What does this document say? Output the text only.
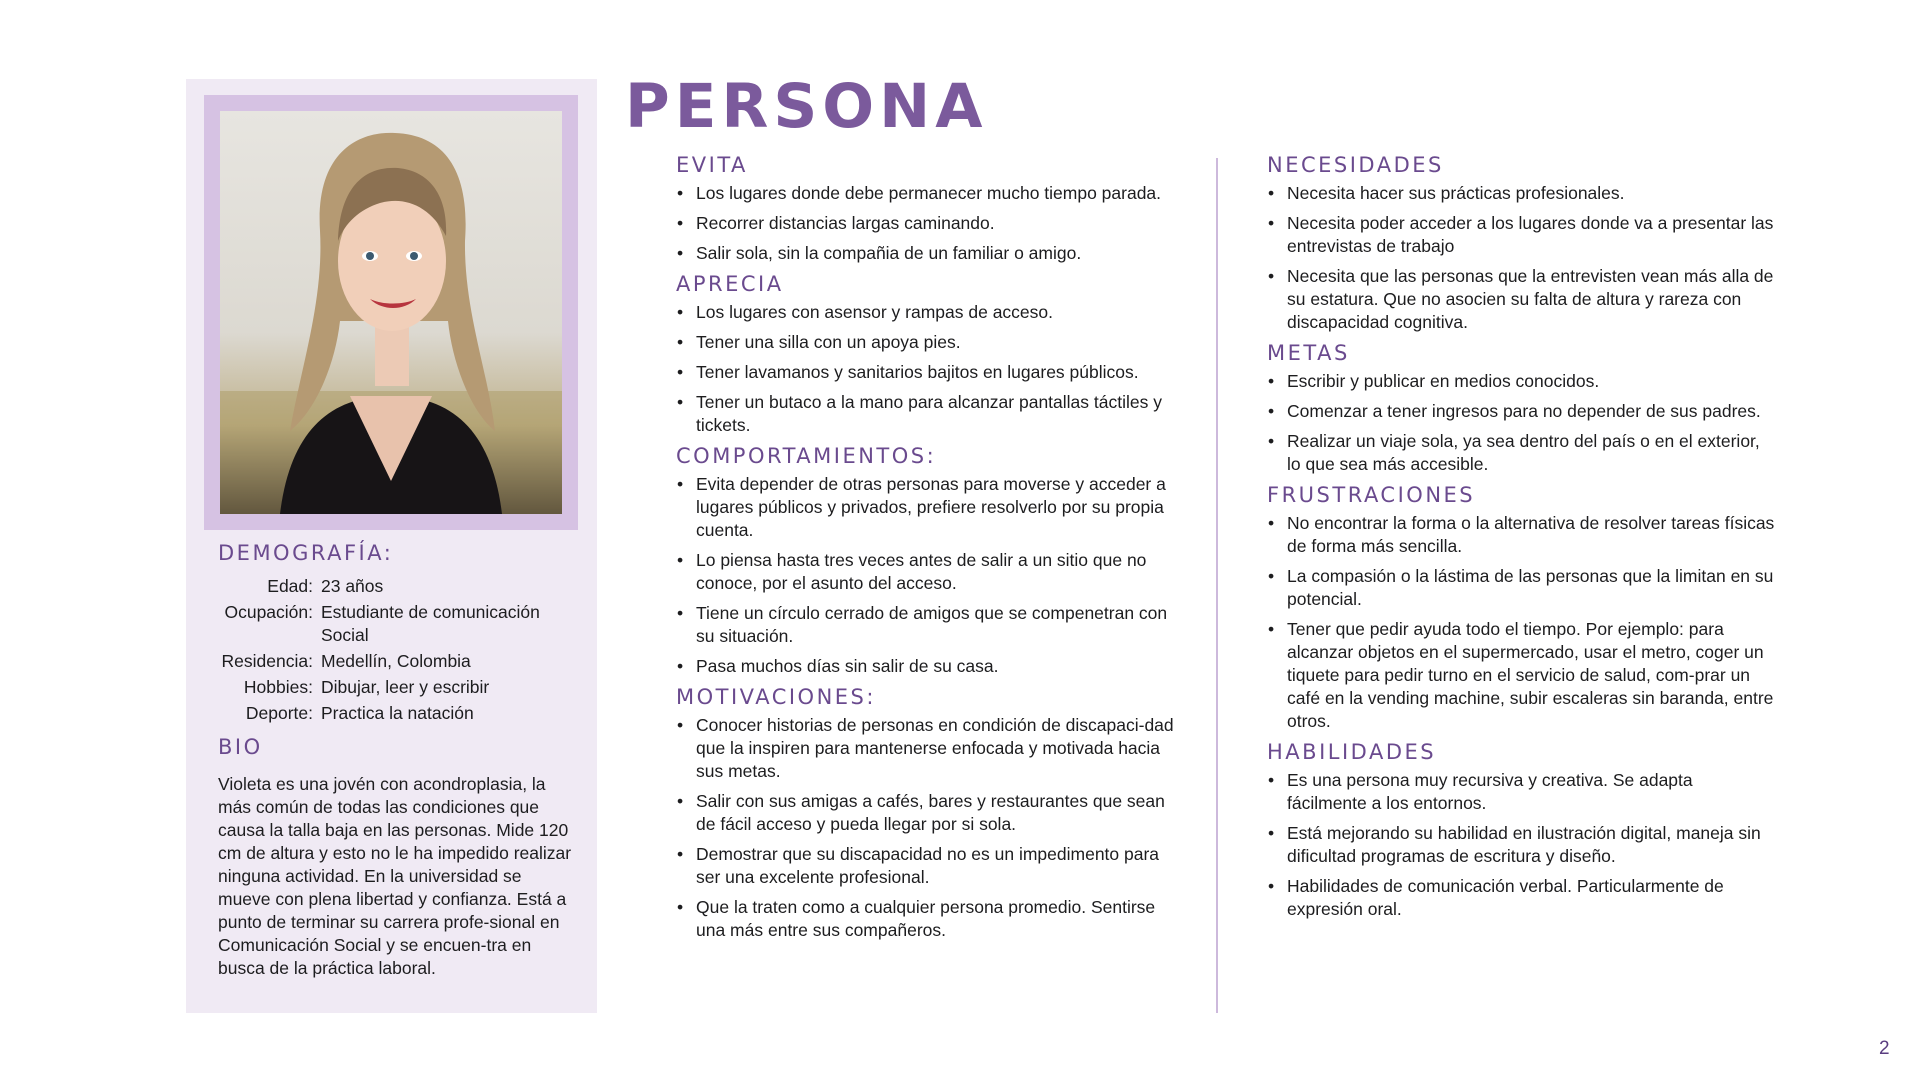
DEMOGRAFÍA:
Edad: 23 años
Ocupación: Estudiante de comunicación Social
Residencia: Medellín, Colombia
Hobbies: Dibujar, leer y escribir
Deporte: Practica la natación
BIO

Violeta es una jovén con acondroplasia, la más común de todas las condiciones que causa la talla baja en las personas. Mide 120 cm de altura y esto no le ha impedido realizar ninguna actividad. En la universidad se mueve con plena libertad y confianza. Está a punto de terminar su carrera profe-sional en Comunicación Social y se encuen-tra en busca de la práctica laboral.

PERSONA
EVITA
• Los lugares donde debe permanecer mucho tiempo parada.
• Recorrer distancias largas caminando.
• Salir sola, sin la compañia de un familiar o amigo.
APRECIA
• Los lugares con asensor y rampas de acceso.
• Tener una silla con un apoya pies.
• Tener lavamanos y sanitarios bajitos en lugares públicos.
• Tener un butaco a la mano para alcanzar pantallas táctiles y tickets.
COMPORTAMIENTOS:
• Evita depender de otras personas para moverse y acceder a lugares públicos y privados, prefiere resolverlo por su propia cuenta.
• Lo piensa hasta tres veces antes de salir a un sitio que no conoce, por el asunto del acceso.
• Tiene un círculo cerrado de amigos que se compenetran con su situación.
• Pasa muchos días sin salir de su casa.
MOTIVACIONES:
• Conocer historias de personas en condición de discapaci-dad que la inspiren para mantenerse enfocada y motivada hacia sus metas.
• Salir con sus amigas a cafés, bares y restaurantes que sean de fácil acceso y pueda llegar por si sola.
• Demostrar que su discapacidad no es un impedimento para ser una excelente profesional.
• Que la traten como a cualquier persona promedio. Sentirse una más entre sus compañeros.
NECESIDADES
• Necesita hacer sus prácticas profesionales.
• Necesita poder acceder a los lugares donde va a presentar las entrevistas de trabajo
• Necesita que las personas que la entrevisten vean más alla de su estatura. Que no asocien su falta de altura y rareza con discapacidad cognitiva.
METAS
• Escribir y publicar en medios conocidos.
• Comenzar a tener ingresos para no depender de sus padres.
• Realizar un viaje sola, ya sea dentro del país o en el exterior, lo que sea más accesible.
FRUSTRACIONES
• No encontrar la forma o la alternativa de resolver tareas físicas de forma más sencilla.
• La compasión o la lástima de las personas que la limitan en su potencial.
• Tener que pedir ayuda todo el tiempo. Por ejemplo: para alcanzar objetos en el supermercado, usar el metro, coger un tiquete para pedir turno en el servicio de salud, com-prar un café en la vending machine, subir escaleras sin baranda, entre otros.
HABILIDADES
• Es una persona muy recursiva y creativa. Se adapta fácilmente a los entornos.
• Está mejorando su habilidad en ilustración digital, maneja sin dificultad programas de escritura y diseño.
• Habilidades de comunicación verbal. Particularmente de expresión oral.
2
